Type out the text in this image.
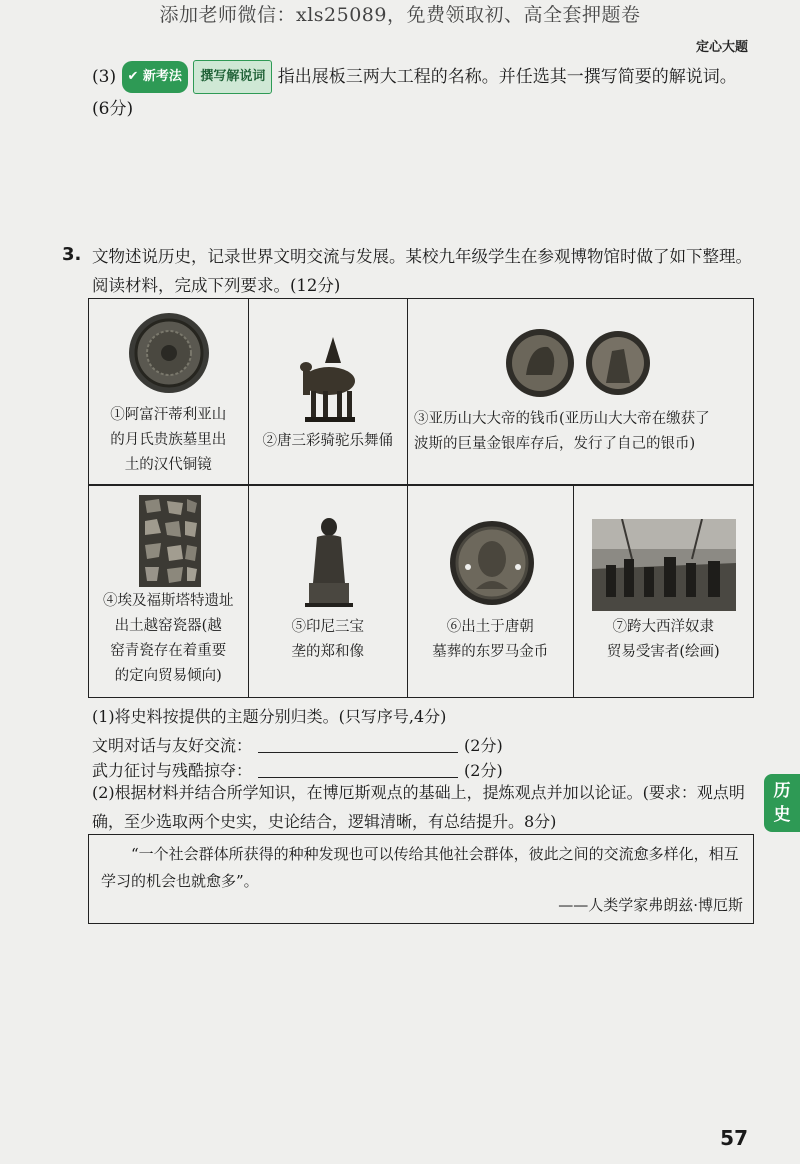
添加老师微信：xls25089，免费领取初、高全套押题卷
定心大题
(3) ✔ 新考法 撰写解说词 指出展板三两大工程的名称。并任选其一撰写简要的解说词。
(6分)
3. 文物述说历史，记录世界文明交流与发展。某校九年级学生在参观博物馆时做了如下整理。阅读材料，完成下列要求。(12分)
①阿富汗蒂利亚山
的月氏贵族墓里出
土的汉代铜镜
②唐三彩骑驼乐舞俑
③亚历山大大帝的钱币(亚历山大大帝在缴获了
波斯的巨量金银库存后，发行了自己的银币)
④埃及福斯塔特遗址
出土越窑瓷器(越
窑青瓷存在着重要
的定向贸易倾向)
⑤印尼三宝
垄的郑和像
⑥出土于唐朝
墓葬的东罗马金币
⑦跨大西洋奴隶
贸易受害者(绘画)
(1)将史料按提供的主题分别归类。(只写序号,4分)
文明对话与友好交流：	(2分)
武力征讨与残酷掠夺：	(2分)
(2)根据材料并结合所学知识，在博厄斯观点的基础上，提炼观点并加以论证。(要求：观点明确，至少选取两个史实，史论结合，逻辑清晰，有总结提升。8分)
“一个社会群体所获得的种种发现也可以传给其他社会群体，彼此之间的交流愈多样化，相互学习的机会也就愈多”。
——人类学家弗朗兹·博厄斯
历史
57
